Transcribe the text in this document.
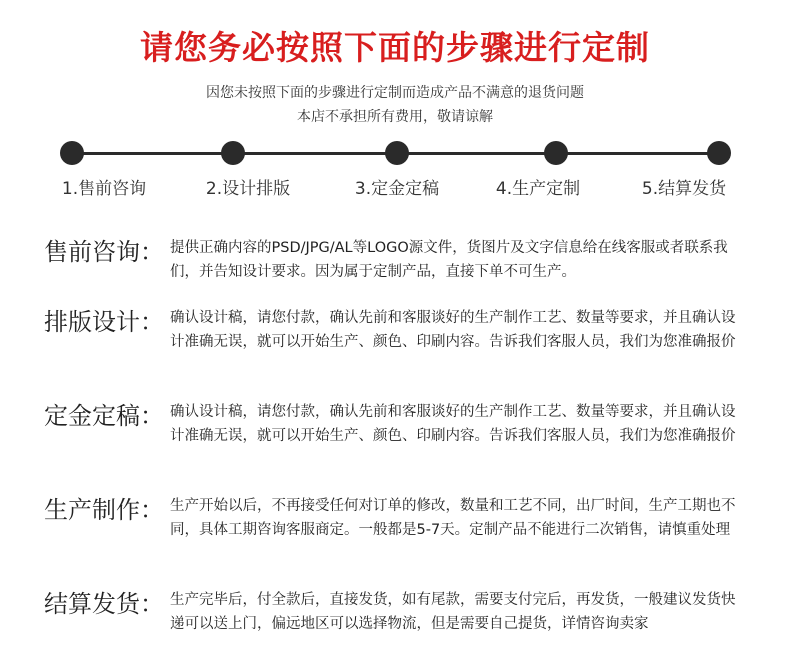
请您务必按照下面的步骤进行定制
因您未按照下面的步骤进行定制而造成产品不满意的退货问题
本店不承担所有费用，敬请谅解
1.售前咨询	2.设计排版	3.定金定稿	4.生产定制	5.结算发货
售前咨询： 提供正确内容的PSD/JPG/AL等LOGO源文件，货图片及文字信息给在线客服或者联系我们，并告知设计要求。因为属于定制产品，直接下单不可生产。
排版设计： 确认设计稿，请您付款，确认先前和客服谈好的生产制作工艺、数量等要求，并且确认设计准确无误，就可以开始生产、颜色、印刷内容。告诉我们客服人员，我们为您准确报价
定金定稿： 确认设计稿，请您付款，确认先前和客服谈好的生产制作工艺、数量等要求，并且确认设计准确无误，就可以开始生产、颜色、印刷内容。告诉我们客服人员，我们为您准确报价
生产制作： 生产开始以后，不再接受任何对订单的修改，数量和工艺不同，出厂时间，生产工期也不同，具体工期咨询客服商定。一般都是5-7天。定制产品不能进行二次销售，请慎重处理
结算发货： 生产完毕后，付全款后，直接发货，如有尾款，需要支付完后，再发货，一般建议发货快递可以送上门，偏远地区可以选择物流，但是需要自己提货，详情咨询卖家
